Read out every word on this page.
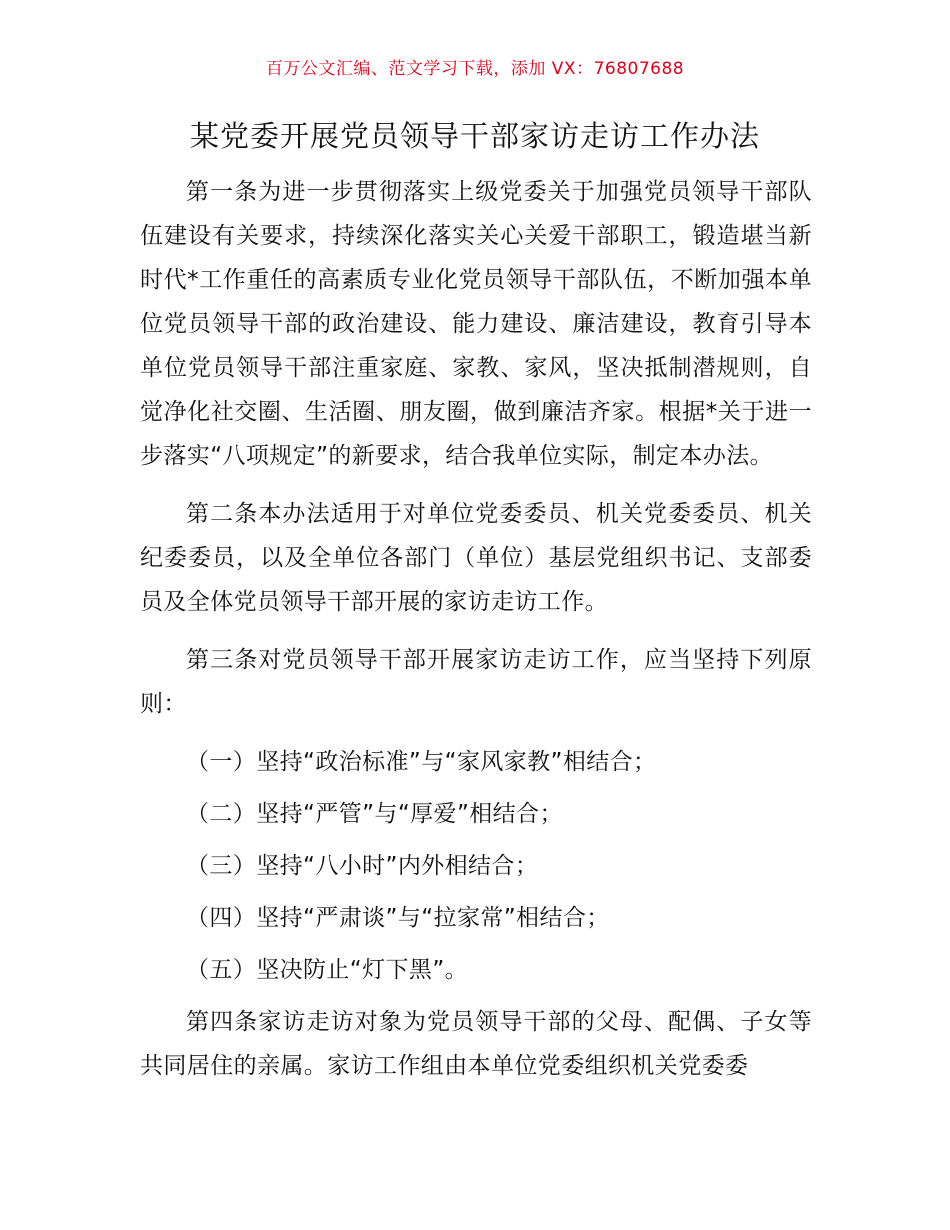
百万公文汇编、范文学习下载，添加 VX：76807688
某党委开展党员领导干部家访走访工作办法

第一条为进一步贯彻落实上级党委关于加强党员领导干部队伍建设有关要求，持续深化落实关心关爱干部职工，锻造堪当新时代*工作重任的高素质专业化党员领导干部队伍，不断加强本单位党员领导干部的政治建设、能力建设、廉洁建设，教育引导本单位党员领导干部注重家庭、家教、家风，坚决抵制潜规则，自觉净化社交圈、生活圈、朋友圈，做到廉洁齐家。根据*关于进一步落实“八项规定”的新要求，结合我单位实际，制定本办法。

第二条本办法适用于对单位党委委员、机关党委委员、机关纪委委员，以及全单位各部门（单位）基层党组织书记、支部委员及全体党员领导干部开展的家访走访工作。

第三条对党员领导干部开展家访走访工作，应当坚持下列原则：

（一）坚持“政治标准”与“家风家教”相结合；

（二）坚持“严管”与“厚爱”相结合；

（三）坚持“八小时”内外相结合；

（四）坚持“严肃谈”与“拉家常”相结合；

（五）坚决防止“灯下黑”。

第四条家访走访对象为党员领导干部的父母、配偶、子女等共同居住的亲属。家访工作组由本单位党委组织机关党委委
